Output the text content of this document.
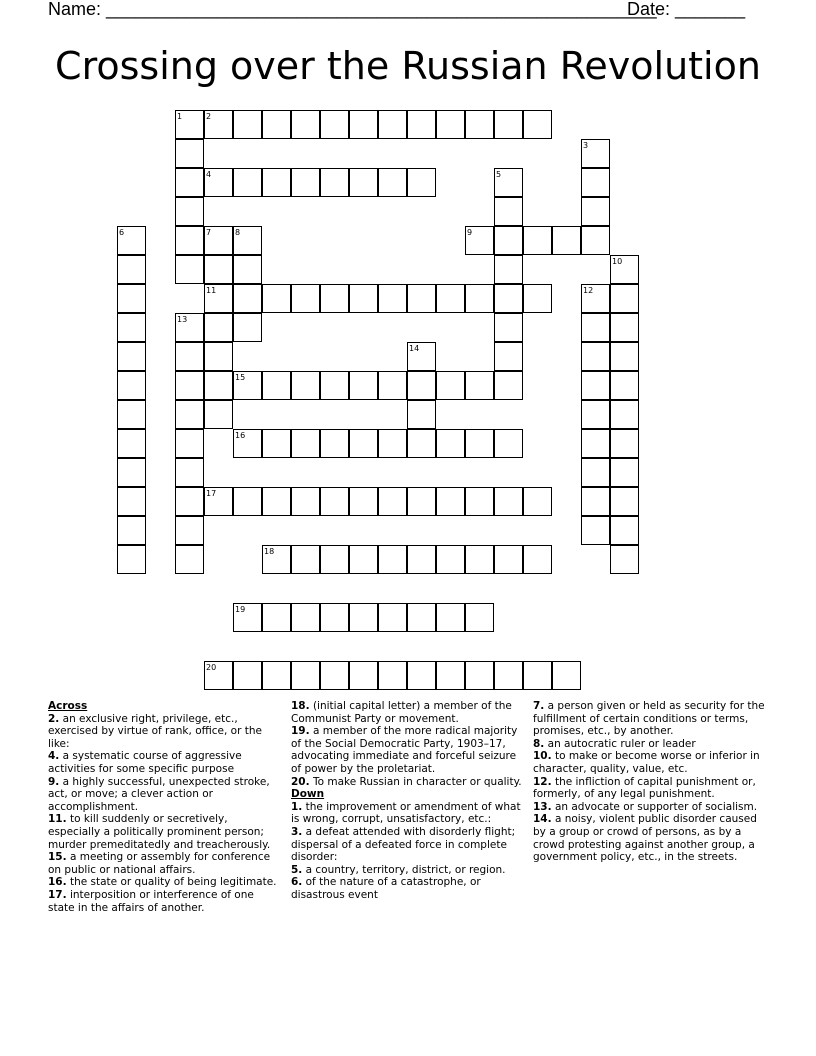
Name: _______________________________________________________
Date: _______
Crossing over the Russian Revolution
1	2
3
4	5
6	7	8	9
10
11	12
13
14
15
16
17
18
19
20
Across

2. an exclusive right, privilege, etc., exercised by virtue of rank, office, or the like:

4. a systematic course of aggressive activities for some specific purpose

9. a highly successful, unexpected stroke, act, or move; a clever action or accomplishment.

11. to kill suddenly or secretively, especially a politically prominent person; murder premeditatedly and treacherously.

15. a meeting or assembly for conference on public or national affairs.

16. the state or quality of being legitimate.

17. interposition or interference of one state in the affairs of another.

18. (initial capital letter) a member of the Communist Party or movement.

19. a member of the more radical majority of the Social Democratic Party, 1903–17, advocating immediate and forceful seizure of power by the proletariat.

20. To make Russian in character or quality.

Down

1. the improvement or amendment of what is wrong, corrupt, unsatisfactory, etc.:

3. a defeat attended with disorderly flight; dispersal of a defeated force in complete disorder:

5. a country, territory, district, or region.

6. of the nature of a catastrophe, or disastrous event

7. a person given or held as security for the fulfillment of certain conditions or terms, promises, etc., by another.

8. an autocratic ruler or leader

10. to make or become worse or inferior in character, quality, value, etc.

12. the infliction of capital punishment or, formerly, of any legal punishment.

13. an advocate or supporter of socialism.

14. a noisy, violent public disorder caused by a group or crowd of persons, as by a crowd protesting against another group, a government policy, etc., in the streets.
